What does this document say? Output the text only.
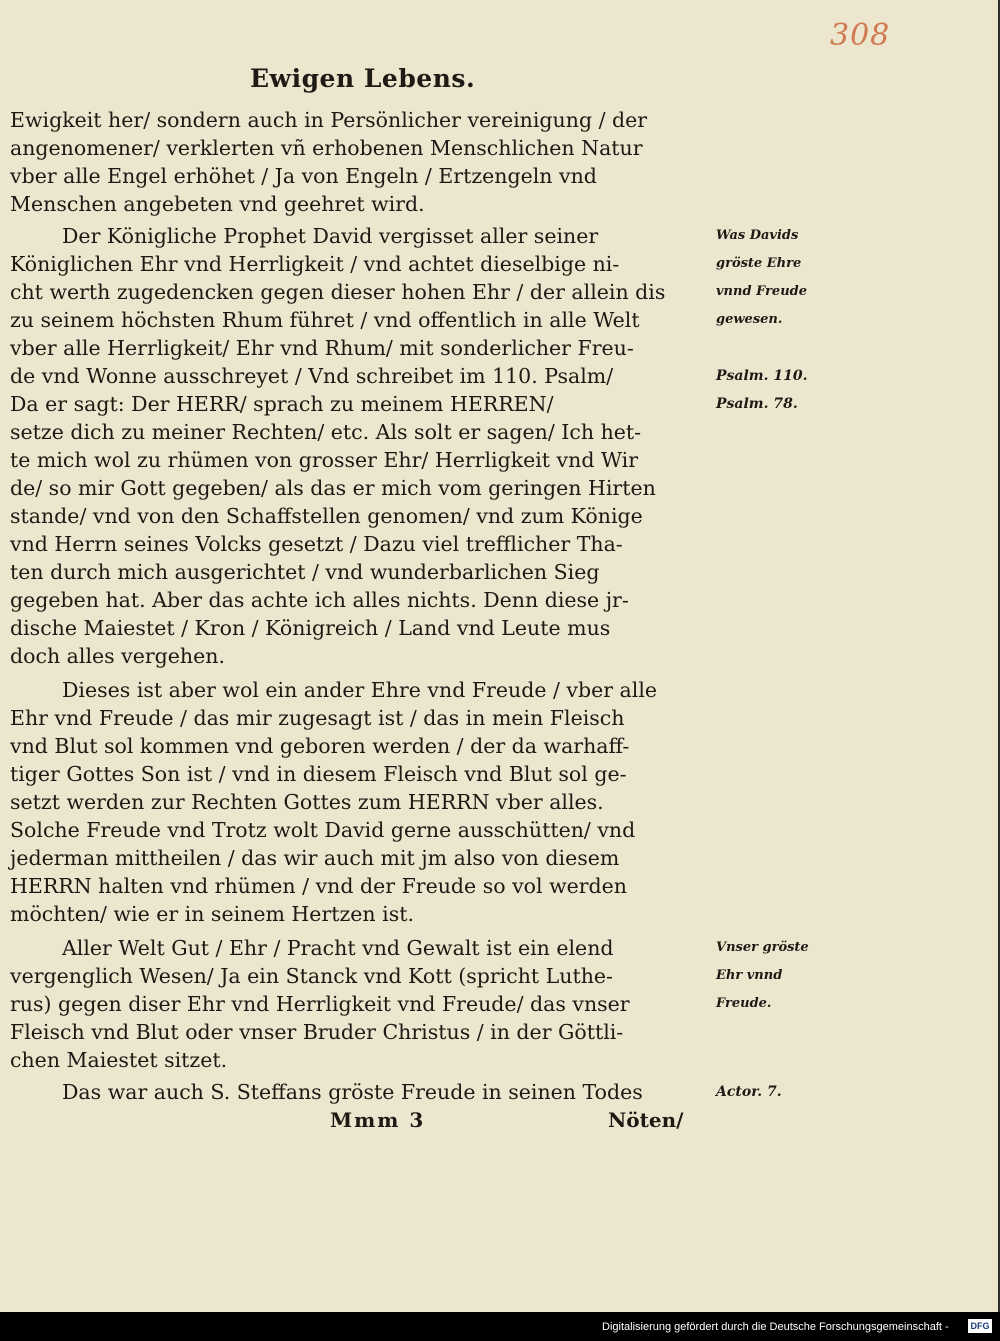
308
Ewigen Lebens.
Ewigkeit her/ sondern auch in Persönlicher vereinigung / der
angenomener/ verklerten vñ erhobenen Menschlichen Natur
vber alle Engel erhöhet / Ja von Engeln / Ertzengeln vnd
Menschen angebeten vnd geehret wird.
Der Königliche Prophet David vergisset aller seiner
Königlichen Ehr vnd Herrligkeit / vnd achtet dieselbige ni-
cht werth zugedencken gegen dieser hohen Ehr / der allein dis
zu seinem höchsten Rhum führet / vnd offentlich in alle Welt
vber alle Herrligkeit/ Ehr vnd Rhum/ mit sonderlicher Freu-
de vnd Wonne ausschreyet / Vnd schreibet im 110. Psalm/
Da er sagt: Der HERR/ sprach zu meinem HERREN/
setze dich zu meiner Rechten/ etc. Als solt er sagen/ Ich het-
te mich wol zu rhümen von grosser Ehr/ Herrligkeit vnd Wir
de/ so mir Gott gegeben/ als das er mich vom geringen Hirten
stande/ vnd von den Schaffstellen genomen/ vnd zum Könige
vnd Herrn seines Volcks gesetzt / Dazu viel trefflicher Tha-
ten durch mich ausgerichtet / vnd wunderbarlichen Sieg
gegeben hat. Aber das achte ich alles nichts. Denn diese jr-
dische Maiestet / Kron / Königreich / Land vnd Leute mus
doch alles vergehen.
Dieses ist aber wol ein ander Ehre vnd Freude / vber alle
Ehr vnd Freude / das mir zugesagt ist / das in mein Fleisch
vnd Blut sol kommen vnd geboren werden / der da warhaff-
tiger Gottes Son ist / vnd in diesem Fleisch vnd Blut sol ge-
setzt werden zur Rechten Gottes zum HERRN vber alles.
Solche Freude vnd Trotz wolt David gerne ausschütten/ vnd
jederman mittheilen / das wir auch mit jm also von diesem
HERRN halten vnd rhümen / vnd der Freude so vol werden
möchten/ wie er in seinem Hertzen ist.
Aller Welt Gut / Ehr / Pracht vnd Gewalt ist ein elend
vergenglich Wesen/ Ja ein Stanck vnd Kott (spricht Luthe-
rus) gegen diser Ehr vnd Herrligkeit vnd Freude/ das vnser
Fleisch vnd Blut oder vnser Bruder Christus / in der Göttli-
chen Maiestet sitzet.
Das war auch S. Steffans gröste Freude in seinen Todes
Was Davids
gröste Ehre
vnnd Freude
gewesen.
Psalm. 110.
Psalm. 78.
Vnser gröste
Ehr vnnd
Freude.
Actor. 7.
Mmm 3	Nöten/
Digitalisierung gefördert durch die Deutsche Forschungsgemeinschaft -	DFG
